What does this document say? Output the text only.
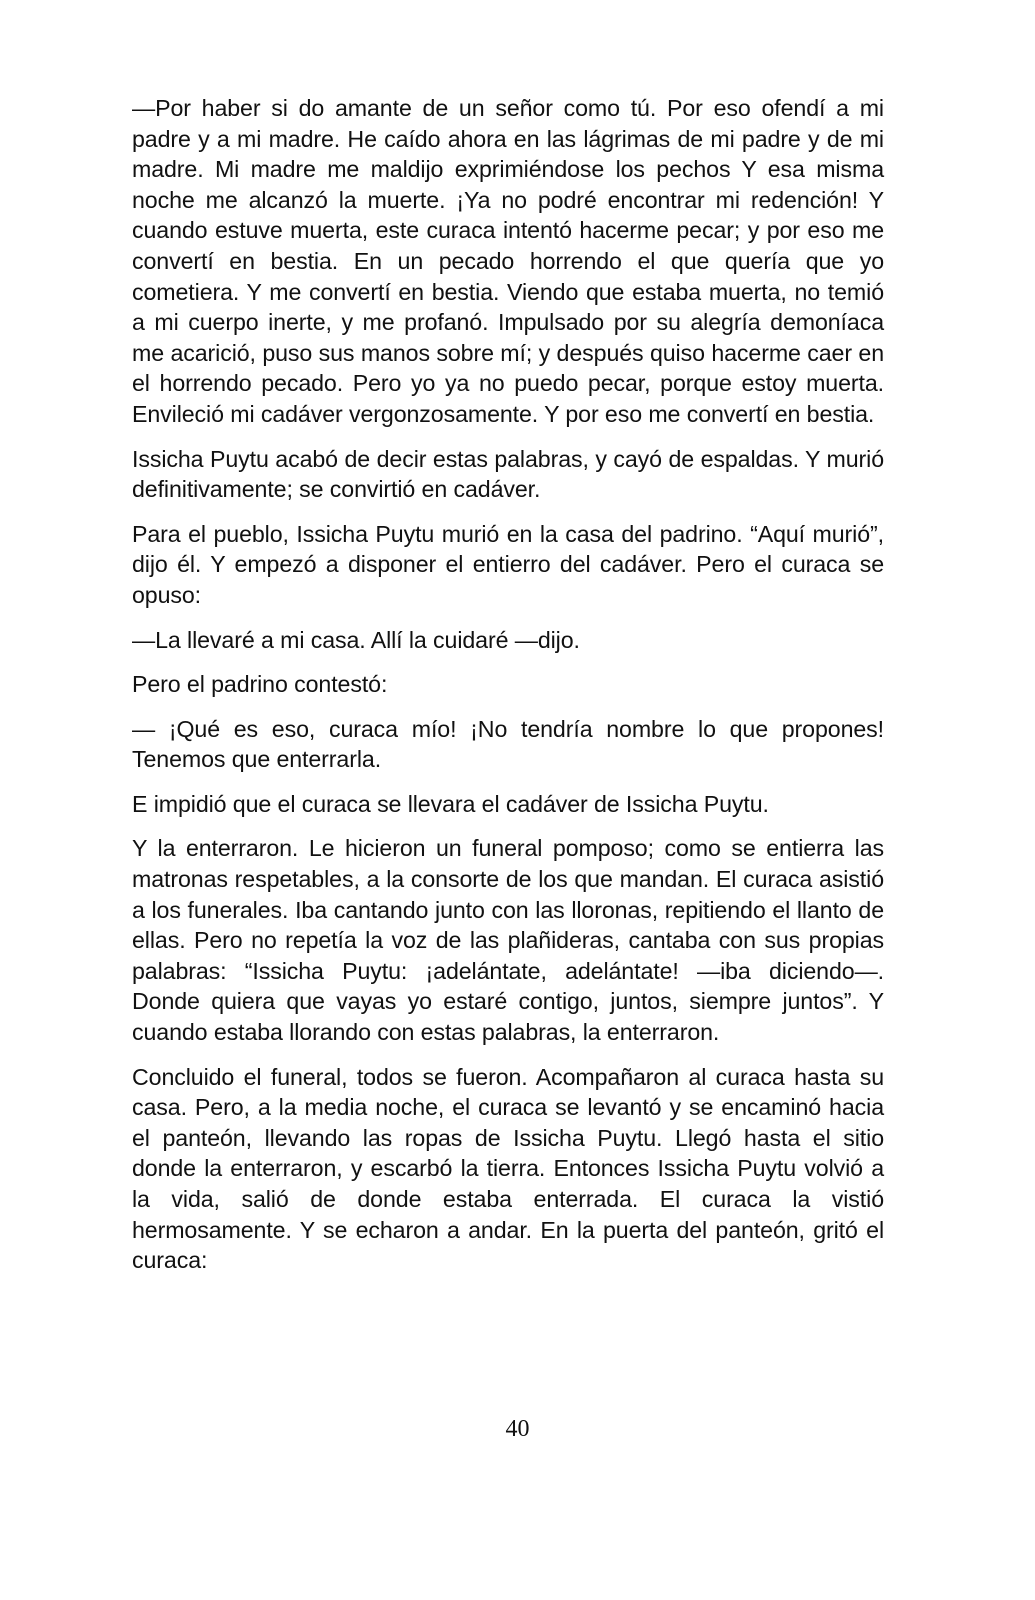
—Por haber si do amante de un señor como tú. Por eso ofendí a mi padre y a mi madre. He caído ahora en las lágrimas de mi padre y de mi madre. Mi madre me maldijo exprimiéndose los pechos Y esa misma noche me alcanzó la muerte. ¡Ya no podré encontrar mi redención! Y cuando estuve muerta, este curaca intentó hacerme pecar; y por eso me convertí en bestia. En un pecado horrendo el que quería que yo cometiera. Y me convertí en bestia. Viendo que estaba muerta, no temió a mi cuerpo inerte, y me profanó. Impulsado por su alegría demoníaca me acarició, puso sus manos sobre mí; y después quiso hacerme caer en el horrendo pecado. Pero yo ya no puedo pecar, porque estoy muerta. Envileció mi cadáver vergonzosamente. Y por eso me convertí en bestia.

Issicha Puytu acabó de decir estas palabras, y cayó de espaldas. Y murió definitivamente; se convirtió en cadáver.

Para el pueblo, Issicha Puytu murió en la casa del padrino. “Aquí murió”, dijo él. Y empezó a disponer el entierro del cadáver. Pero el curaca se opuso:

—La llevaré a mi casa. Allí la cuidaré —dijo.

Pero el padrino contestó:

— ¡Qué es eso, curaca mío! ¡No tendría nombre lo que propones! Tenemos que enterrarla.

E impidió que el curaca se llevara el cadáver de Issicha Puytu.

Y la enterraron. Le hicieron un funeral pomposo; como se entierra las matronas respetables, a la consorte de los que mandan. El curaca asistió a los funerales. Iba cantando junto con las lloronas, repitiendo el llanto de ellas. Pero no repetía la voz de las plañideras, cantaba con sus propias palabras: “Issicha Puytu: ¡adelántate, adelántate! —iba diciendo—. Donde quiera que vayas yo estaré contigo, juntos, siempre juntos”. Y cuando estaba llorando con estas palabras, la enterraron.

Concluido el funeral, todos se fueron. Acompañaron al curaca hasta su casa. Pero, a la media noche, el curaca se levantó y se encaminó hacia el panteón, llevando las ropas de Issicha Puytu. Llegó hasta el sitio donde la enterraron, y escarbó la tierra. Entonces Issicha Puytu volvió a la vida, salió de donde estaba enterrada. El curaca la vistió hermosamente. Y se echaron a andar. En la puerta del panteón, gritó el curaca:

40
